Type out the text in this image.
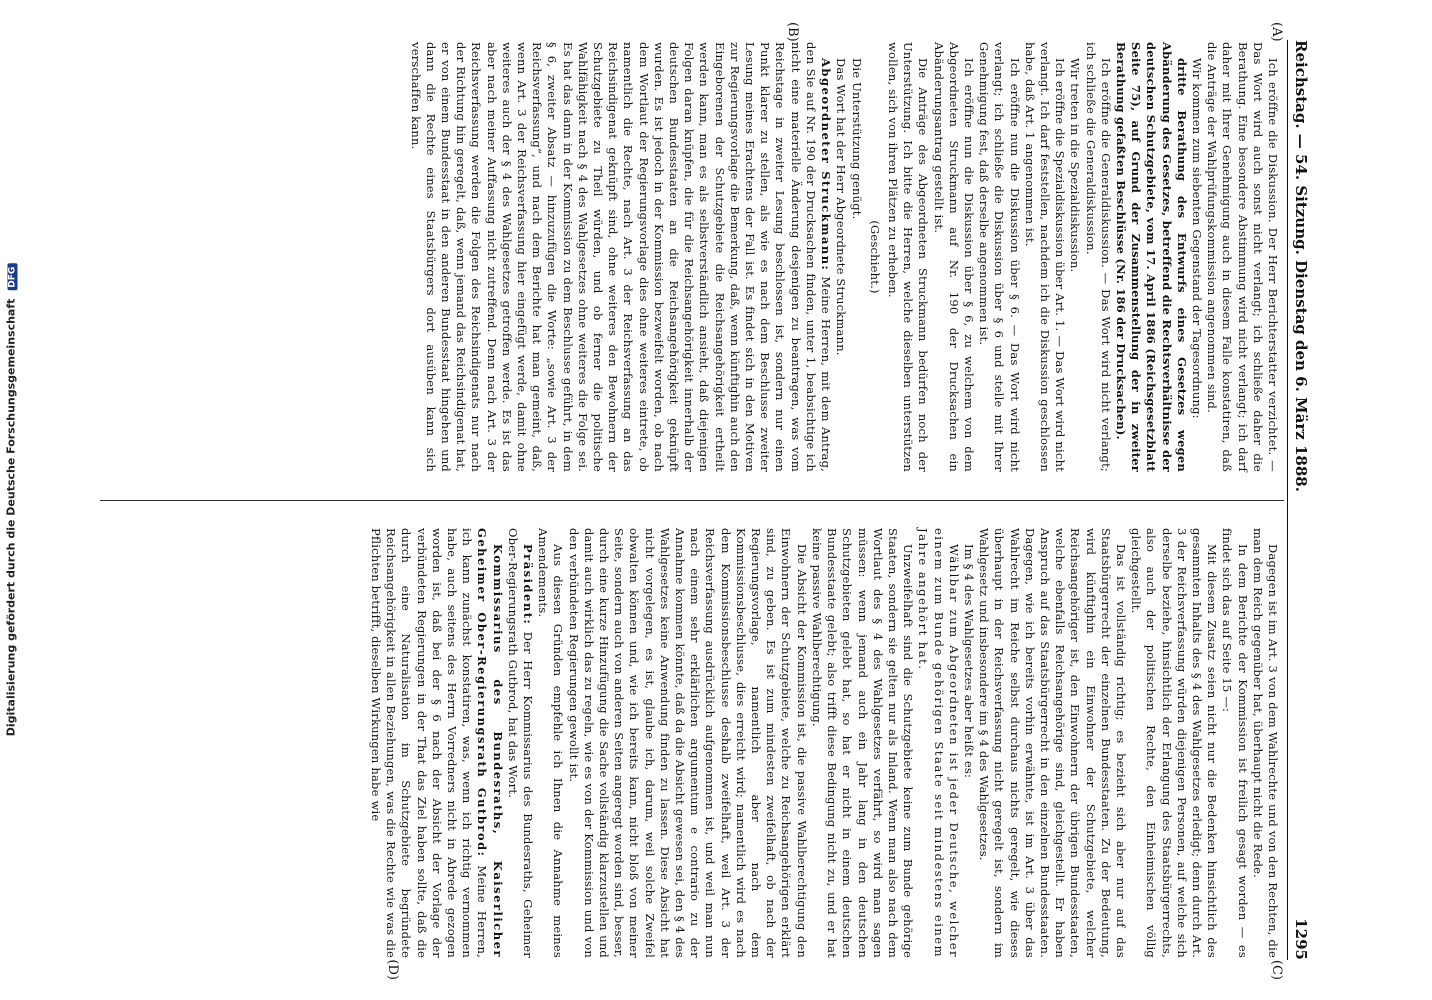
Digitalisierung gefördert durch die Deutsche Forschungsgemeinschaft DFG	Reichstag. — 54. Sitzung. Dienstag den 6. März 1888.
1295
(A)
(B)
(C)
(D)

Ich eröffne die Diskussion. Der Herr Berichterstatter verzichtet. — Das Wort wird auch sonst nicht verlangt; ich schließe daher die Berathung. Eine besondere Abstimmung wird nicht verlangt; ich darf daher mit Ihrer Genehmigung auch in diesem Falle konstatiren, daß die Anträge der Wahlprüfungskommission angenommen sind.

Wir kommen zum siebenten Gegenstand der Tagesordnung:

dritte Berathung des Entwurfs eines Gesetzes wegen Abänderung des Gesetzes, betreffend die Rechtsverhältnisse der deutschen Schutzgebiete, vom 17. April 1886 (Reichsgesetzblatt Seite 75), auf Grund der Zusammenstellung der in zweiter Berathung gefaßten Beschlüsse (Nr. 186 der Drucksachen).

Ich eröffne die Generaldiskussion. — Das Wort wird nicht verlangt; ich schließe die Generaldiskussion.

Wir treten in die Spezialdiskussion.

Ich eröffne die Spezialdiskussion über Art. 1. — Das Wort wird nicht verlangt. Ich darf feststellen, nachdem ich die Diskussion geschlossen habe, daß Art. 1 angenommen ist.

Ich eröffne nun die Diskussion über § 6. — Das Wort wird nicht verlangt; ich schließe die Diskussion über § 6 und stelle mit Ihrer Genehmigung fest, daß derselbe angenommen ist.

Ich eröffne nun die Diskussion über § 6, zu welchem von dem Abgeordneten Struckmann auf Nr. 190 der Drucksachen ein Abänderungsantrag gestellt ist.

Die Anträge des Abgeordneten Struckmann bedürfen noch der Unterstützung. Ich bitte die Herren, welche dieselben unterstützen wollen, sich von ihren Plätzen zu erheben.

(Geschieht.)

Die Unterstützung genügt.

Das Wort hat der Herr Abgeordnete Struckmann.

Abgeordneter Struckmann: Meine Herren, mit dem Antrag, den Sie auf Nr. 190 der Drucksachen finden, unter 1, beabsichtige ich nicht eine materielle Änderung desjenigen zu beantragen, was vom Reichstage in zweiter Lesung beschlossen ist, sondern nur einen Punkt klarer zu stellen, als wie es nach dem Beschlusse zweiter Lesung meines Erachtens der Fall ist. Es findet sich in den Motiven zur Regierungsvorlage die Bemerkung, daß, wenn künftighin auch den Eingeborenen der Schutzgebiete die Reichsangehörigkeit ertheilt werden kann, man es als selbstverständlich ansieht, daß diejenigen Folgen daran knüpfen, die für die Reichsangehörigkeit innerhalb der deutschen Bundesstaaten an die Reichsangehörigkeit geknüpft wurden. Es ist jedoch in der Kommission bezweifelt worden, ob nach dem Wortlaut der Regierungsvorlage dies ohne weiteres eintrete, ob namentlich die Rechte, nach Art. 3 der Reichsverfassung an das Reichsindigenat geknüpft sind, ohne weiteres den Bewohnern der Schutzgebiete zu Theil würden, und ob ferner die politische Wahlfähigkeit nach § 4 des Wahlgesetzes ohne weiteres die Folge sei. Es hat das dann in der Kommission zu dem Beschlusse geführt, in dem § 6, zweiter Absatz — hinzuzufügen die Worte: „sowie Art. 3 der Reichsverfassung“, und nach dem Berichte hat man gemeint, daß, wenn Art. 3 der Reichsverfassung hier eingefügt werde, damit ohne weiteres auch der § 4 des Wahlgesetzes getroffen werde. Es ist das aber nach meiner Auffassung nicht zutreffend. Denn nach Art. 3 der Reichsverfassung werden die Folgen des Reichsindigenats nur nach der Richtung hin geregelt, daß, wenn jemand das Reichsindigenat hat, er von einem Bundesstaat in den anderen Bundesstaat hingehen und dann die Rechte eines Staatsbürgers dort ausüben kann sich verschaffen kann.

Dagegen ist im Art. 3 von dem Wahlrechte und von den Rechten, die man dem Reich gegenüber hat, überhaupt nicht die Rede.

In dem Berichte der Kommission ist freilich gesagt worden — es findet sich das auf Seite 15 —:

Mit diesem Zusatz seien nicht nur die Bedenken hinsichtlich des gesammten Inhalts des § 4 des Wahlgesetzes erledigt; denn durch Art. 3 der Reichsverfassung würden diejenigen Personen, auf welche sich derselbe beziehe, hinsichtlich der Erlangung des Staatsbürgerrechts, also auch der politischen Rechte, den Einheimischen völlig gleichgestellt.

Das ist vollständig richtig; es bezieht sich aber nur auf das Staatsbürgerrecht der einzelnen Bundesstaaten. Zu der Bedeutung, wird künftighin ein Einwohner der Schutzgebiete, welcher Reichsangehöriger ist, den Einwohnern der übrigen Bundesstaaten, welche ebenfalls Reichsangehörige sind, gleichgestellt. Er haben Anspruch auf das Staatsbürgerrecht in den einzelnen Bundesstaaten. Dagegen, wie ich bereits vorhin erwähnte, ist im Art. 3 über das Wahlrecht im Reiche selbst durchaus nichts geregelt, wie dieses überhaupt in der Reichsverfassung nicht geregelt ist, sondern im Wahlgesetz und insbesondere im § 4 des Wahlgesetzes.

Im § 4 des Wahlgesetzes aber heißt es:

Wählbar zum Abgeordneten ist jeder Deutsche, welcher einem zum Bunde gehörigen Staate seit mindestens einem Jahre angehört hat.

Unzweifelhaft sind die Schutzgebiete keine zum Bunde gehörige Staaten, sondern sie gelten nur als Inland. Wenn man also nach dem Wortlaut des § 4 des Wahlgesetzes verfährt, so wird man sagen müssen: wenn jemand auch ein Jahr lang in den deutschen Schutzgebieten gelebt hat, so hat er nicht in einem deutschen Bundesstaate gelebt; also trifft diese Bedingung nicht zu, und er hat keine passive Wahlberechtigung.

Die Absicht der Kommission ist, die passive Wahlberechtigung den Einwohnern der Schutzgebiete, welche zu Reichsangehörigen erklärt sind, zu geben. Es ist zum mindesten zweifelhaft, ob nach der Regierungsvorlage, namentlich aber nach dem Kommissionsbeschlusse, dies erreicht wird; namentlich wird es nach dem Kommissionsbeschlusse deshalb zweifelhaft, weil Art. 3 der Reichsverfassung ausdrücklich aufgenommen ist, und weil man nun nach einem sehr erklärlichen argumentum e contrario zu der Annahme kommen könnte, daß da die Absicht gewesen sei, den § 4 des Wahlgesetzes keine Anwendung finden zu lassen. Diese Absicht hat nicht vorgelegen, es ist, glaube ich, darum, weil solche Zweifel obwalten können und, wie ich bereits kann, nicht bloß von meiner Seite, sondern auch von anderen Seiten angeregt worden sind, besser, durch eine kurze Hinzufügung die Sache vollständig klarzustellen und damit auch wirklich das zu regeln, wie es von der Kommission und von den verbündeten Regierungen gewollt ist.

Aus diesen Gründen empfehle ich Ihnen die Annahme meines Amendements.

Präsident: Der Herr Kommissarius des Bundesraths, Geheimer Ober-Regierungsrath Gutbrod, hat das Wort.

Kommissarius des Bundesraths, Kaiserlicher Geheimer Ober-Regierungsrath Gutbrod: Meine Herren, ich kann zunächst konstatiren, was, wenn ich richtig vernommen habe, auch seitens des Herrn Vorredners nicht in Abrede gezogen worden ist, daß bei der § 6 nach der Absicht der Vorlage der verbündeten Regierungen in der That das Ziel haben sollte, daß die durch eine Naturalisation im Schutzgebiete begründete Reichsangehörigkeit in allen Beziehungen, was die Rechte wie was die Pflichten betrifft, dieselben Wirkungen habe wie
